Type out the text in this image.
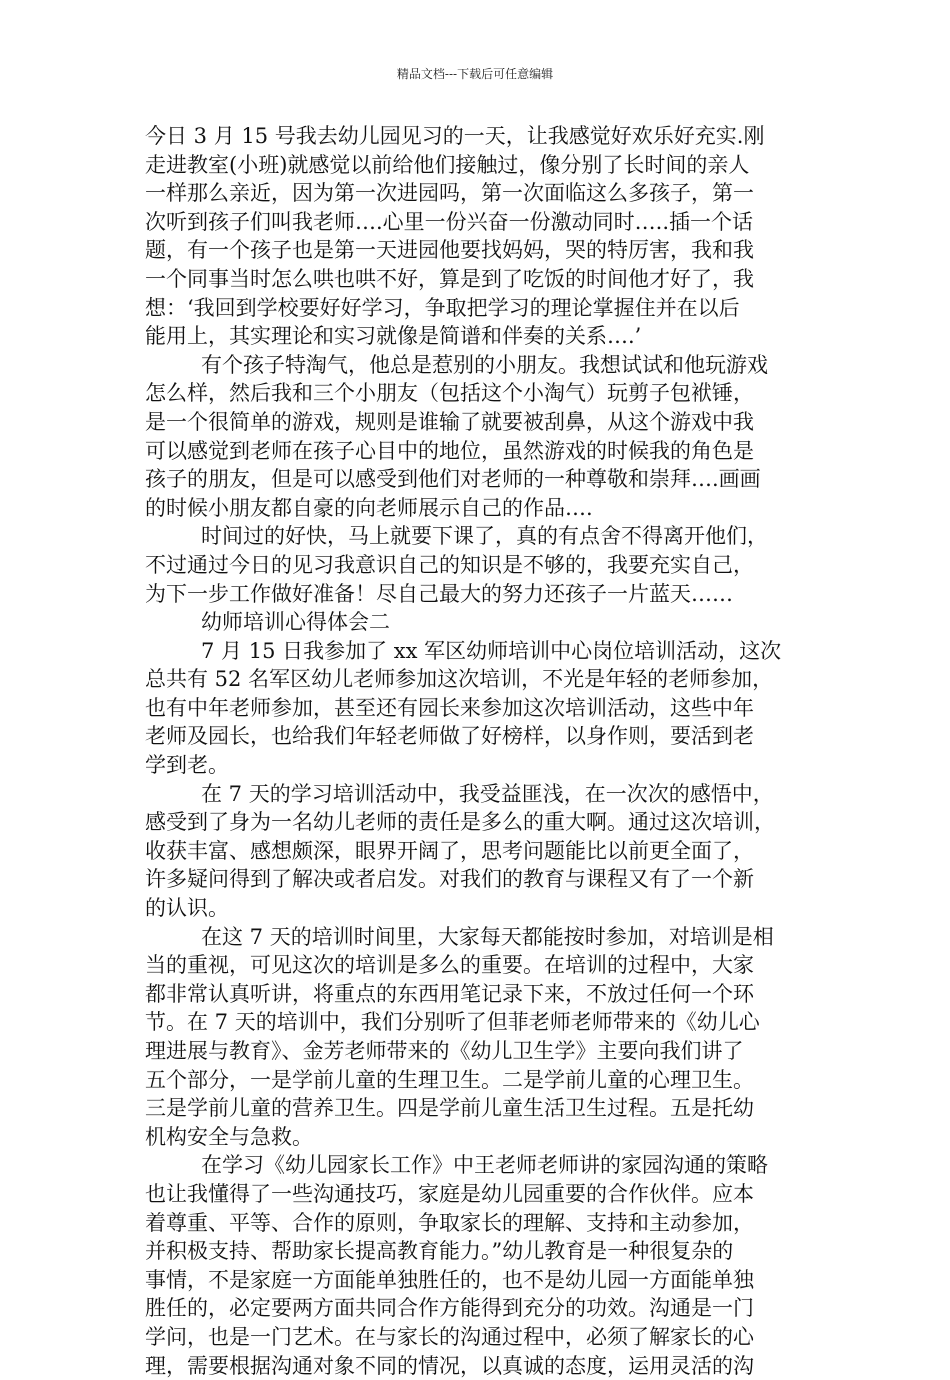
精品文档---下载后可任意编辑
今日 3 月 15 号我去幼儿园见习的一天，让我感觉好欢乐好充实.刚
走进教室(小班)就感觉以前给他们接触过，像分别了长时间的亲人
一样那么亲近，因为第一次进园吗，第一次面临这么多孩子，第一
次听到孩子们叫我老师….心里一份兴奋一份激动同时…..插一个话
题，有一个孩子也是第一天进园他要找妈妈，哭的特厉害，我和我
一个同事当时怎么哄也哄不好，算是到了吃饭的时间他才好了，我
想：‘我回到学校要好好学习，争取把学习的理论掌握住并在以后
能用上，其实理论和实习就像是简谱和伴奏的关系….’
有个孩子特淘气，他总是惹别的小朋友。我想试试和他玩游戏
怎么样，然后我和三个小朋友（包括这个小淘气）玩剪子包袱锤，
是一个很简单的游戏，规则是谁输了就要被刮鼻，从这个游戏中我
可以感觉到老师在孩子心目中的地位，虽然游戏的时候我的角色是
孩子的朋友，但是可以感受到他们对老师的一种尊敬和崇拜….画画
的时候小朋友都自豪的向老师展示自己的作品….
时间过的好快，马上就要下课了，真的有点舍不得离开他们，
不过通过今日的见习我意识自己的知识是不够的，我要充实自己，
为下一步工作做好准备！尽自己最大的努力还孩子一片蓝天……
幼师培训心得体会二
7 月 15 日我参加了 xx 军区幼师培训中心岗位培训活动，这次
总共有 52 名军区幼儿老师参加这次培训，不光是年轻的老师参加，
也有中年老师参加，甚至还有园长来参加这次培训活动，这些中年
老师及园长，也给我们年轻老师做了好榜样，以身作则，要活到老
学到老。
在 7 天的学习培训活动中，我受益匪浅，在一次次的感悟中，
感受到了身为一名幼儿老师的责任是多么的重大啊。通过这次培训，
收获丰富、感想颇深，眼界开阔了，思考问题能比以前更全面了，
许多疑问得到了解决或者启发。对我们的教育与课程又有了一个新
的认识。
在这 7 天的培训时间里，大家每天都能按时参加，对培训是相
当的重视，可见这次的培训是多么的重要。在培训的过程中，大家
都非常认真听讲，将重点的东西用笔记录下来，不放过任何一个环
节。在 7 天的培训中，我们分别听了但菲老师老师带来的《幼儿心
理进展与教育》、金芳老师带来的《幼儿卫生学》主要向我们讲了
五个部分，一是学前儿童的生理卫生。二是学前儿童的心理卫生。
三是学前儿童的营养卫生。四是学前儿童生活卫生过程。五是托幼
机构安全与急救。
在学习《幼儿园家长工作》中王老师老师讲的家园沟通的策略
也让我懂得了一些沟通技巧，家庭是幼儿园重要的合作伙伴。应本
着尊重、平等、合作的原则，争取家长的理解、支持和主动参加，
并积极支持、帮助家长提高教育能力。”幼儿教育是一种很复杂的
事情，不是家庭一方面能单独胜任的，也不是幼儿园一方面能单独
胜任的，必定要两方面共同合作方能得到充分的功效。沟通是一门
学问，也是一门艺术。在与家长的沟通过程中，必须了解家长的心
理，需要根据沟通对象不同的情况，以真诚的态度，运用灵活的沟
